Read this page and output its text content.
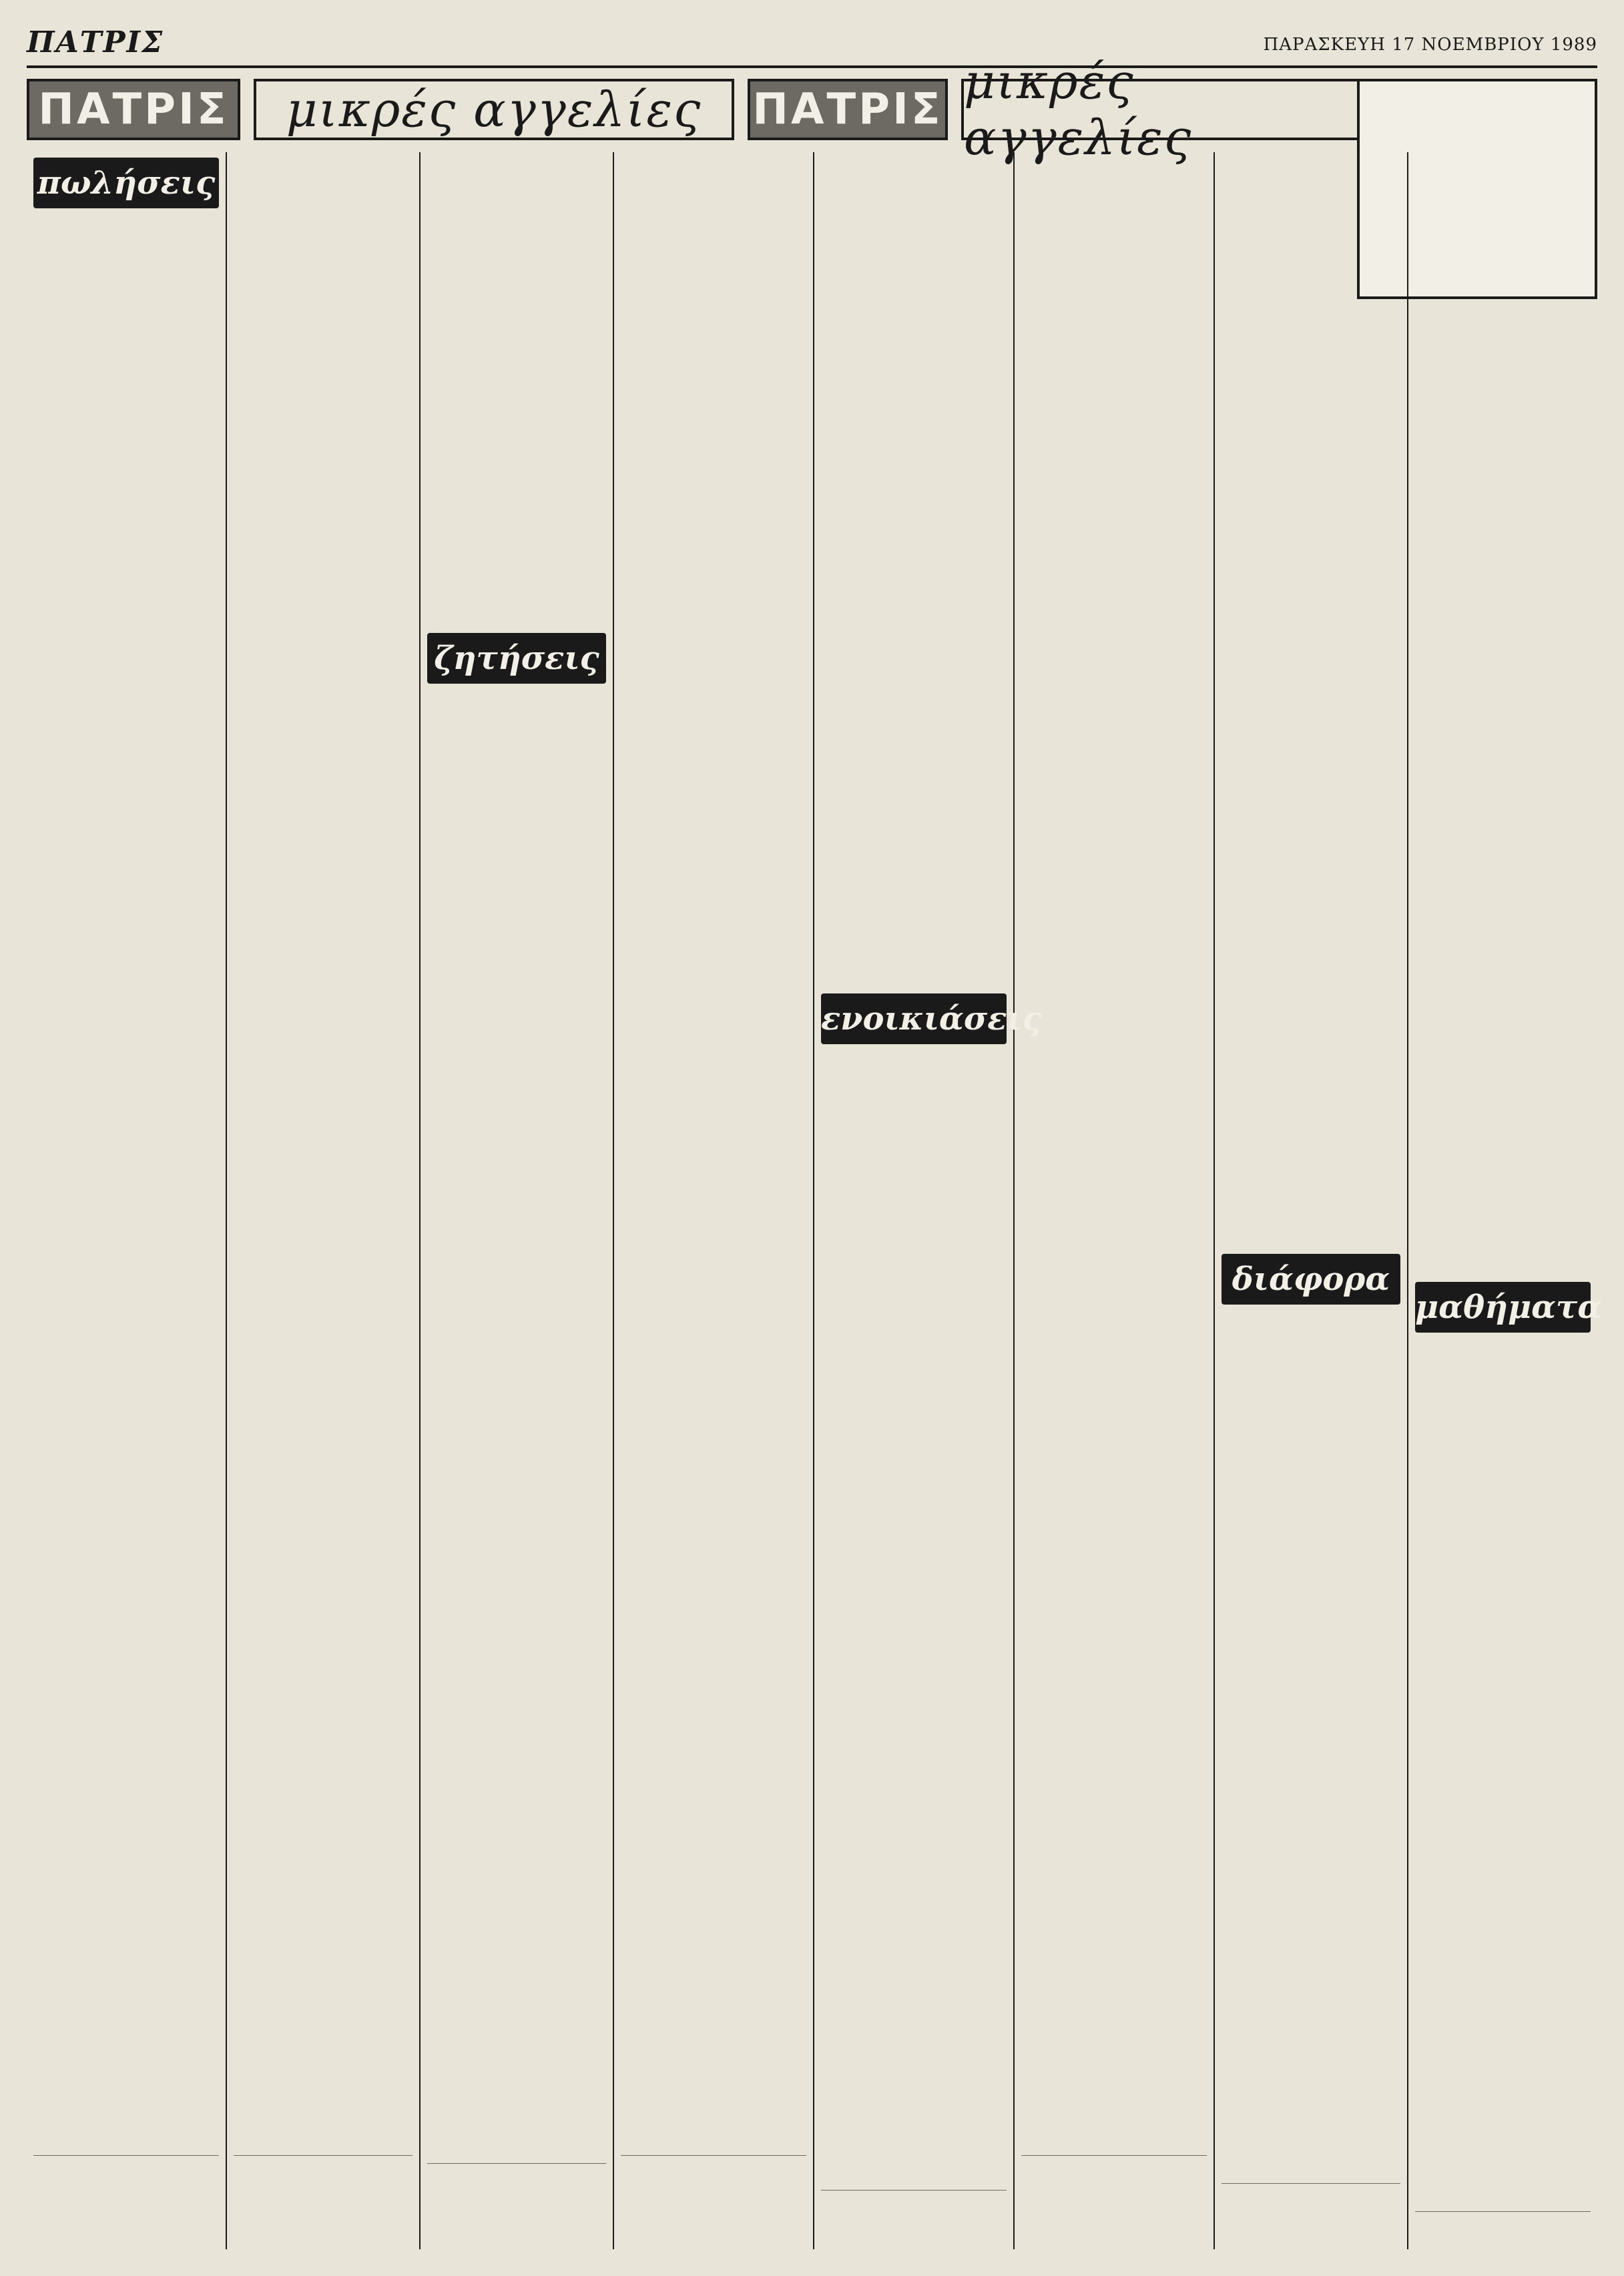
ΠΑΤΡΙΣ	ΠΑΡΑΣΚΕΥΗ 17 ΝΟΕΜΒΡΙΟΥ 1989
ΠΑΤΡΙΣ	μικρές αγγελίες	ΠΑΤΡΙΣ μικρές αγγελίες
πωλήσεις
ζητήσεις
ενοικιάσεις
διάφορα
μαθήματα
